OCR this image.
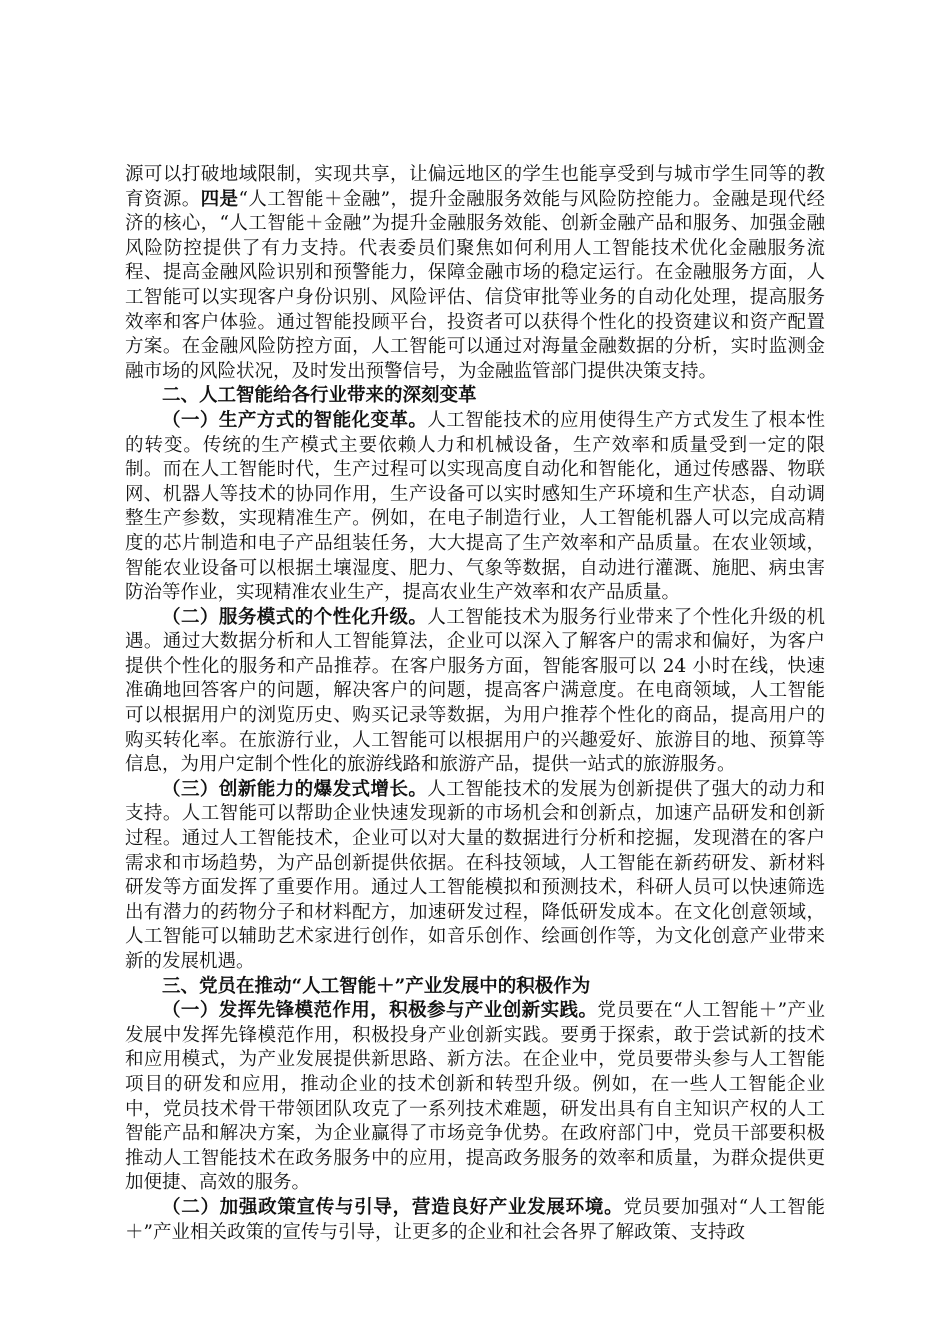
源可以打破地域限制，实现共享，让偏远地区的学生也能享受到与城市学生同等的教育资源。四是“人工智能＋金融”，提升金融服务效能与风险防控能力。金融是现代经济的核心，“人工智能＋金融”为提升金融服务效能、创新金融产品和服务、加强金融风险防控提供了有力支持。代表委员们聚焦如何利用人工智能技术优化金融服务流程、提高金融风险识别和预警能力，保障金融市场的稳定运行。在金融服务方面，人工智能可以实现客户身份识别、风险评估、信贷审批等业务的自动化处理，提高服务效率和客户体验。通过智能投顾平台，投资者可以获得个性化的投资建议和资产配置方案。在金融风险防控方面，人工智能可以通过对海量金融数据的分析，实时监测金融市场的风险状况，及时发出预警信号，为金融监管部门提供决策支持。

二、人工智能给各行业带来的深刻变革

（一）生产方式的智能化变革。人工智能技术的应用使得生产方式发生了根本性的转变。传统的生产模式主要依赖人力和机械设备，生产效率和质量受到一定的限制。而在人工智能时代，生产过程可以实现高度自动化和智能化，通过传感器、物联网、机器人等技术的协同作用，生产设备可以实时感知生产环境和生产状态，自动调整生产参数，实现精准生产。例如，在电子制造行业，人工智能机器人可以完成高精度的芯片制造和电子产品组装任务，大大提高了生产效率和产品质量。在农业领域，智能农业设备可以根据土壤湿度、肥力、气象等数据，自动进行灌溉、施肥、病虫害防治等作业，实现精准农业生产，提高农业生产效率和农产品质量。

（二）服务模式的个性化升级。人工智能技术为服务行业带来了个性化升级的机遇。通过大数据分析和人工智能算法，企业可以深入了解客户的需求和偏好，为客户提供个性化的服务和产品推荐。在客户服务方面，智能客服可以 24 小时在线，快速准确地回答客户的问题，解决客户的问题，提高客户满意度。在电商领域，人工智能可以根据用户的浏览历史、购买记录等数据，为用户推荐个性化的商品，提高用户的购买转化率。在旅游行业，人工智能可以根据用户的兴趣爱好、旅游目的地、预算等信息，为用户定制个性化的旅游线路和旅游产品，提供一站式的旅游服务。

（三）创新能力的爆发式增长。人工智能技术的发展为创新提供了强大的动力和支持。人工智能可以帮助企业快速发现新的市场机会和创新点，加速产品研发和创新过程。通过人工智能技术，企业可以对大量的数据进行分析和挖掘，发现潜在的客户需求和市场趋势，为产品创新提供依据。在科技领域，人工智能在新药研发、新材料研发等方面发挥了重要作用。通过人工智能模拟和预测技术，科研人员可以快速筛选出有潜力的药物分子和材料配方，加速研发过程，降低研发成本。在文化创意领域，人工智能可以辅助艺术家进行创作，如音乐创作、绘画创作等，为文化创意产业带来新的发展机遇。

三、党员在推动“人工智能＋”产业发展中的积极作为

（一）发挥先锋模范作用，积极参与产业创新实践。党员要在“人工智能＋”产业发展中发挥先锋模范作用，积极投身产业创新实践。要勇于探索，敢于尝试新的技术和应用模式，为产业发展提供新思路、新方法。在企业中，党员要带头参与人工智能项目的研发和应用，推动企业的技术创新和转型升级。例如，在一些人工智能企业中，党员技术骨干带领团队攻克了一系列技术难题，研发出具有自主知识产权的人工智能产品和解决方案，为企业赢得了市场竞争优势。在政府部门中，党员干部要积极推动人工智能技术在政务服务中的应用，提高政务服务的效率和质量，为群众提供更加便捷、高效的服务。

（二）加强政策宣传与引导，营造良好产业发展环境。党员要加强对“人工智能＋”产业相关政策的宣传与引导，让更多的企业和社会各界了解政策、支持政
